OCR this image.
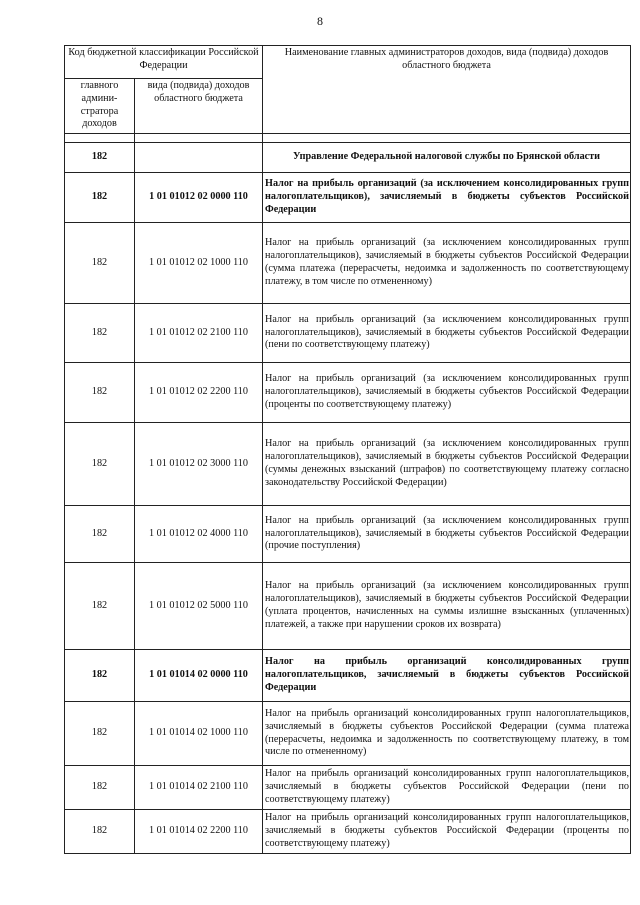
8
Код бюджетной классификации Российской Федерации		Наименование главных администраторов доходов, вида (подвида) доходов областного бюджета
главного админи-стратора доходов	вида (подвида) доходов областного бюджета	

182		Управление Федеральной налоговой службы по Брянской области
182	1 01 01012 02 0000 110	Налог на прибыль организаций (за исключением консолидированных групп налогоплательщиков), зачисляемый в бюджеты субъектов Российской Федерации
182	1 01 01012 02 1000 110	Налог на прибыль организаций (за исключением консолидированных групп налогоплательщиков), зачисляемый в бюджеты субъектов Российской Федерации (сумма платежа (перерасчеты, недоимка и задолженность по соответствующему платежу, в том числе по отмененному)
182	1 01 01012 02 2100 110	Налог на прибыль организаций (за исключением консолидированных групп налогоплательщиков), зачисляемый в бюджеты субъектов Российской Федерации (пени по соответствующему платежу)
182	1 01 01012 02 2200 110	Налог на прибыль организаций (за исключением консолидированных групп налогоплательщиков), зачисляемый в бюджеты субъектов Российской Федерации (проценты по соответствующему платежу)
182	1 01 01012 02 3000 110	Налог на прибыль организаций (за исключением консолидированных групп налогоплательщиков), зачисляемый в бюджеты субъектов Российской Федерации (суммы денежных взысканий (штрафов) по соответствующему платежу согласно законодательству Российской Федерации)
182	1 01 01012 02 4000 110	Налог на прибыль организаций (за исключением консолидированных групп налогоплательщиков), зачисляемый в бюджеты субъектов Российской Федерации (прочие поступления)
182	1 01 01012 02 5000 110	Налог на прибыль организаций (за исключением консолидированных групп налогоплательщиков), зачисляемый в бюджеты субъектов Российской Федерации (уплата процентов, начисленных на суммы излишне взысканных (уплаченных) платежей, а также при нарушении сроков их возврата)
182	1 01 01014 02 0000 110	Налог на прибыль организаций консолидированных групп налогоплательщиков, зачисляемый в бюджеты субъектов Российской Федерации
182	1 01 01014 02 1000 110	Налог на прибыль организаций консолидированных групп налогоплательщиков, зачисляемый в бюджеты субъектов Российской Федерации (сумма платежа (перерасчеты, недоимка и задолженность по соответствующему платежу, в том числе по отмененному)
182	1 01 01014 02 2100 110	Налог на прибыль организаций консолидированных групп налогоплательщиков, зачисляемый в бюджеты субъектов Российской Федерации (пени по соответствующему платежу)
182	1 01 01014 02 2200 110	Налог на прибыль организаций консолидированных групп налогоплательщиков, зачисляемый в бюджеты субъектов Российской Федерации (проценты по соответствующему платежу)
